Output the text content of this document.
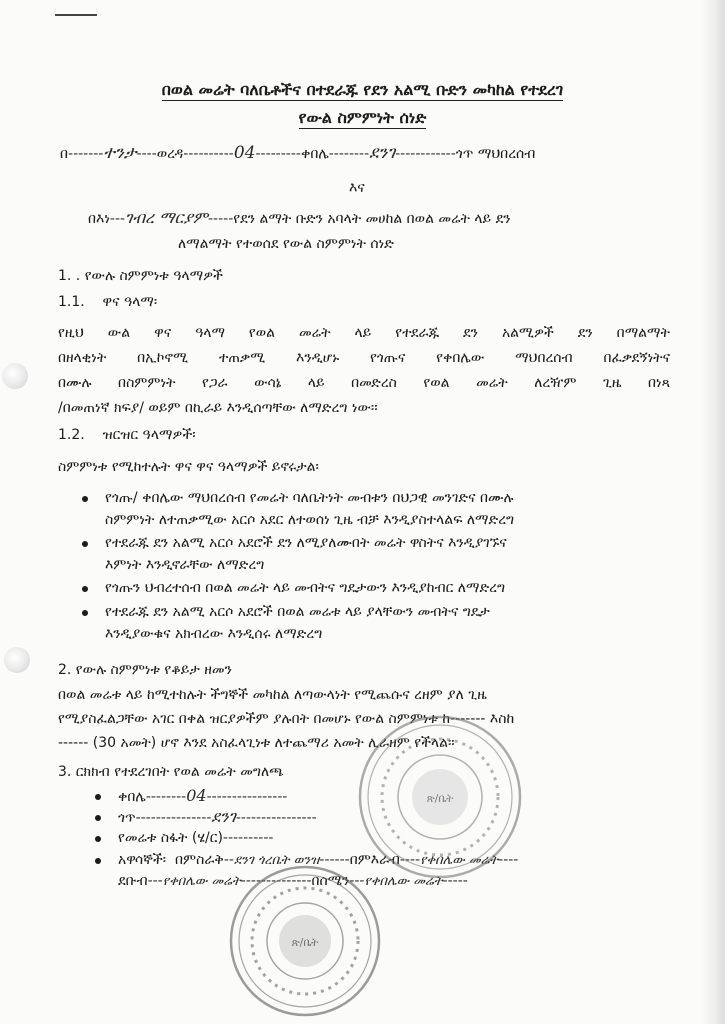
በወል መሬት ባለቤቶችና በተደራጁ የደን አልሚ ቡድን መካከል የተደረገ
የውል ስምምነት ሰነድ
በ-------ተንታ----ወረዳ----------04---------ቀበሌ--------ደንገ------------ጎጥ ማህበረሰብ
እና
በእነ---ገብረ ማርያም-----የደን ልማት ቡድን አባላት መሀከል በወል መሬት ላይ ደን
ለማልማት የተወሰደ የውል ስምምነት ሰነድ
1. . የውሉ ስምምነቱ ዓላማዎች
1.1.    ዋና ዓላማ፡
የዚህ ውል ዋና ዓላማ የወል መሬት ላይ የተደራጁ ደን አልሚዎች ደን በማልማት
በዘላቂነት በኢኮኖሚ ተጠቃሚ እንዲሆኑ የጎጡና የቀበሌው ማህበረሰብ በፈቃደኝነትና
በሙሉ በስምምነት የጋራ ውሳኔ ላይ በመድረስ የወል መሬት ለረዥም ጊዜ በነጻ
/በመጠነኛ ክፍያ/ ወይም በኪራይ እንዲሰጣቸው ለማድረግ ነው፡፡
1.2.    ዝርዝር ዓላማዎች፡
ስምምነቱ የሚከተሉት ዋና ዋና ዓላማዎች ይኖሩታል፡
የጎጡ/ ቀበሌው ማህበረሰብ የመሬት ባለቤትነት መብቱን በህጋዊ መንገድና በሙሉ
ስምምነት ለተጠቃሚው አርሶ አደር ለተወሰነ ጊዜ ብቻ እንዲያስተላልፍ ለማድረግ
የተደራጁ ደን አልሚ አርሶ አደሮች ደን ለሚያለሙበት መሬት ዋስትና እንዲያገኙና
እምነት እንዲኖራቸው ለማድረግ
የጎጡን ህብረተሰብ በወል መሬት ላይ መብትና ግዴታውን እንዲያከብር ለማድረግ
የተደራጁ ደን አልሚ አርሶ አደሮች በወል መሬቱ ላይ ያላቸውን መብትና ግዴታ
እንዲያውቁና አክብረው እንዲሰሩ ለማድረግ
2. የውሉ ስምምነቱ የቆይታ ዘመን
በወል መሬቱ ላይ ከሚተከሉት ችግኞች መካከል ለጣውላነት የሚጨሱና ረዘም ያለ ጊዜ
የሚያስፈልጋቸው አገር በቀል ዝርያዎችም ያሉበት በመሆኑ የውል ስምምነቱ ከ------- እስከ
------ (30 አመት) ሆኖ እንደ አስፈላጊነቱ ለተጨማሪ አመት ሊራዘም የችላል፡፡
3. ርክክብ የተደረገበት የወል መሬት መግለጫ
ቀበሌ--------04----------------
ጎጥ---------------ደንገ----------------
የመሬቱ ስፋት (ሄ/ር)----------
አዋሳኞች፡ በምስራቅ--ደንገ ጎረቤት ወንዝ------በምእራብ----የቀበሌው መሬት----
ደቡብ---የቀበሌው መሬት--------------በሰሜን---የቀበሌው መሬት-----
ጽ/ቤት
ጽ/ቤት
